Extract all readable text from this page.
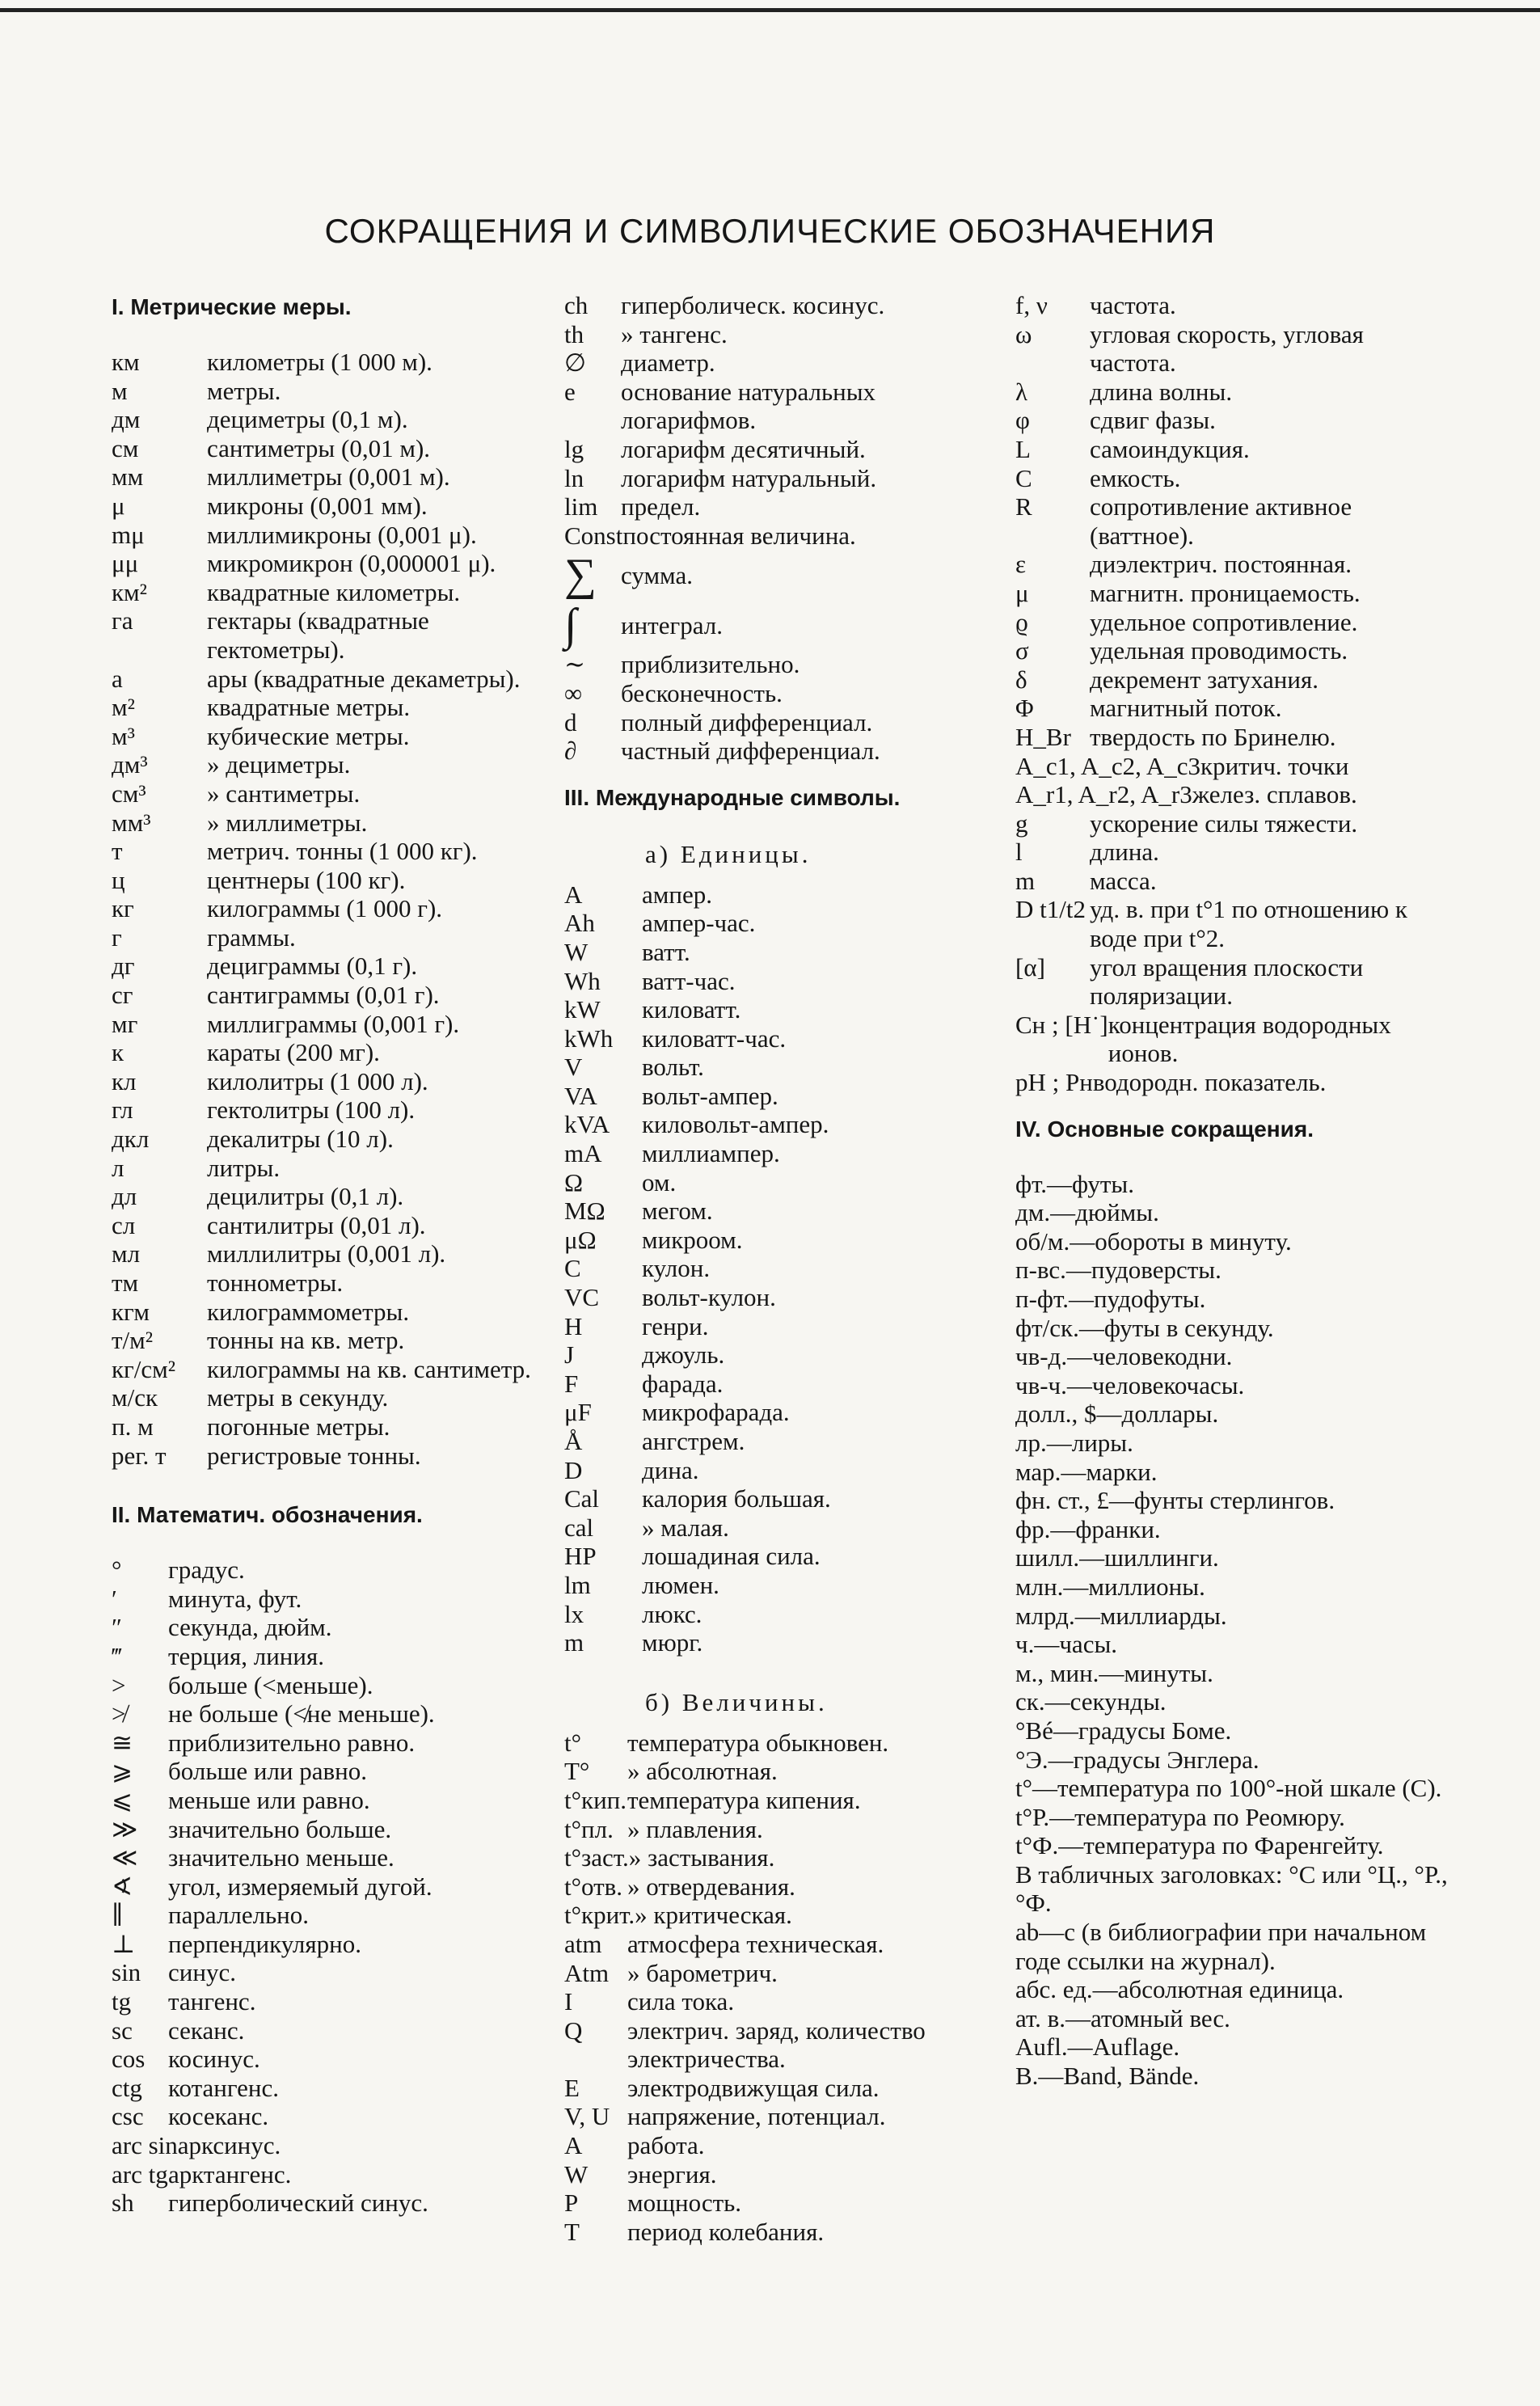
СОКРАЩЕНИЯ И СИМВОЛИЧЕСКИЕ ОБОЗНАЧЕНИЯ
I. Метрические меры.
км	километры (1 000 м).
м	метры.
дм	дециметры (0,1 м).
см	сантиметры (0,01 м).
мм	миллиметры (0,001 м).
μ	микроны (0,001 мм).
mμ	миллимикроны (0,001 μ).
μμ	микромикрон (0,000001 μ).
км²	квадратные километры.
га	гектары (квадратные гектометры).
а	ары (квадратные декаметры).
м²	квадратные метры.
м³	кубические метры.
дм³	» дециметры.
см³	» сантиметры.
мм³	» миллиметры.
т	метрич. тонны (1 000 кг).
ц	центнеры (100 кг).
кг	килограммы (1 000 г).
г	граммы.
дг	дециграммы (0,1 г).
сг	сантиграммы (0,01 г).
мг	миллиграммы (0,001 г).
к	караты (200 мг).
кл	килолитры (1 000 л).
гл	гектолитры (100 л).
дкл	декалитры (10 л).
л	литры.
дл	децилитры (0,1 л).
сл	сантилитры (0,01 л).
мл	миллилитры (0,001 л).
тм	тоннометры.
кгм	килограммометры.
т/м²	тонны на кв. метр.
кг/см²	килограммы на кв. сантиметр.
м/ск	метры в секунду.
п. м	погонные метры.
рег. т	регистровые тонны.
II. Математич. обозначения.
°	градус.
′	минута, фут.
″	секунда, дюйм.
‴	терция, линия.
>	больше (<меньше).
≯	не больше (≮не меньше).
≅	приблизительно равно.
⩾	больше или равно.
⩽	меньше или равно.
≫	значительно больше.
≪	значительно меньше.
∢	угол, измеряемый дугой.
∥	параллельно.
⊥	перпендикулярно.
sin	синус.
tg	тангенс.
sc	секанс.
cos косинус.
ctg	котангенс.
csc косеканс.
arc sin арксинус.
arc tg арктангенс.
sh	гиперболический синус.
ch	гиперболическ. косинус.
th	» тангенс.
∅	диаметр.
e	основание натуральных логарифмов.
lg	логарифм десятичный.
ln	логарифм натуральный.
lim предел.
Const постоянная величина.
∑ сумма.
∫	интеграл.
∼	приблизительно.
∞	бесконечность.
d	полный дифференциал.
∂	частный дифференциал.
III. Международные символы.
а) Единицы.
A	ампер.
Ah	ампер-час.
W	ватт.
Wh	ватт-час.
kW	киловатт.
kWh	киловатт-час.
V	вольт.
VA	вольт-ампер.
kVA	киловольт-ампер.
mA	миллиампер.
Ω	ом.
MΩ	мегом.
μΩ	микроом.
C	кулон.
VC	вольт-кулон.
H	генри.
J	джоуль.
F	фарада.
μF	микрофарада.
Å	ангстрем.
D	дина.
Cal	калория большая.
cal	» малая.
HP	лошадиная сила.
lm	люмен.
lx	люкс.
m	мюрг.
б) Величины.
t°	температура обыкновен.
T°	» абсолютная.
t°кип. температура кипения.
t°пл. » плавления.
t°заст. » застывания.
t°отв. » отвердевания.
t°крит. » критическая.
atm	атмосфера техническая.
Atm » барометрич.
I	сила тока.
Q	электрич. заряд, количество электричества.
E	электродвижущая сила.
V, U напряжение, потенциал.
A	работа.
W	энергия.
P	мощность.
T	период колебания.
f, ν	частота.
ω	угловая скорость, угловая частота.
λ	длина волны.
φ	сдвиг фазы.
L	самоиндукция.
C	емкость.
R	сопротивление активное (ваттное).
ε	диэлектрич. постоянная.
μ	магнитн. проницаемость.
ϱ	удельное сопротивление.
σ	удельная проводимость.
δ	декремент затухания.
Φ	магнитный поток.
H_Br твердость по Бринелю.
A_c1, A_c2, A_c3 критич. точки
A_r1, A_r2, A_r3 желез. сплавов.
g	ускорение силы тяжести.
l	длина.
m	масса.
D t1/t2 уд. в. при t°1 по отношению к воде при t°2.
[α]	угол вращения плоскости поляризации.
Cн ; [H˙] концентрация водородных ионов.
pH ; Pн водородн. показатель.
IV. Основные сокращения.
фт.—футы.
дм.—дюймы.
об/м.—обороты в минуту.
п-вс.—пудоверсты.
п-фт.—пудофуты.
фт/ск.—футы в секунду.
чв-д.—человекодни.
чв-ч.—человекочасы.
долл., $—доллары.
лр.—лиры.
мар.—марки.
фн. ст., £—фунты стерлингов.
фр.—франки.
шилл.—шиллинги.
млн.—миллионы.
млрд.—миллиарды.
ч.—часы.
м., мин.—минуты.
ск.—секунды.
°Вé—градусы Боме.
°Э.—градусы Энглера.
t°—температура по 100°-ной шкале (С).
t°Р.—температура по Реомюру.
t°Ф.—температура по Фаренгейту.
В табличных заголовках: °С или °Ц., °Р., °Ф.
ab—c (в библиографии при начальном годе ссылки на журнал).
абс. ед.—абсолютная единица.
ат. в.—атомный вес.
Aufl.—Auflage.
B.—Band, Bände.
